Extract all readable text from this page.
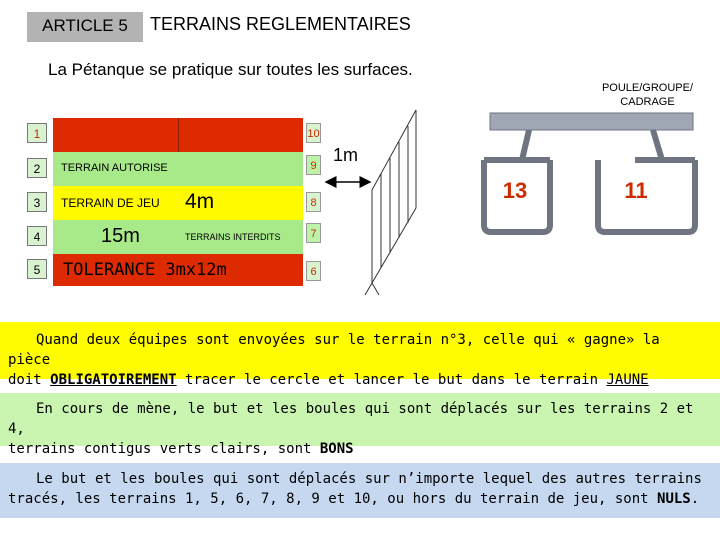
ARTICLE 5	TERRAINS REGLEMENTAIRES
La Pétanque se pratique sur toutes les surfaces.
1
2
3
4
5
TERRAIN AUTORISE
TERRAIN DE JEU 4m
15m	TERRAINS INTERDITS
TOLERANCE 3mx12m
10
9
8
7
6
1m
POULE/GROUPE/ CADRAGE
13	11
Quand deux équipes sont envoyées sur le terrain n°3, celle qui « gagne» la pièce
doit OBLIGATOIREMENT tracer le cercle et lancer le but dans le terrain JAUNE
En cours de mène, le but et les boules qui sont déplacés sur les terrains 2 et 4,
terrains contigus verts clairs, sont BONS
Le but et les boules qui sont déplacés sur n’importe lequel des autres terrains
tracés, les terrains 1, 5, 6, 7, 8, 9 et 10, ou hors du terrain de jeu, sont NULS.
